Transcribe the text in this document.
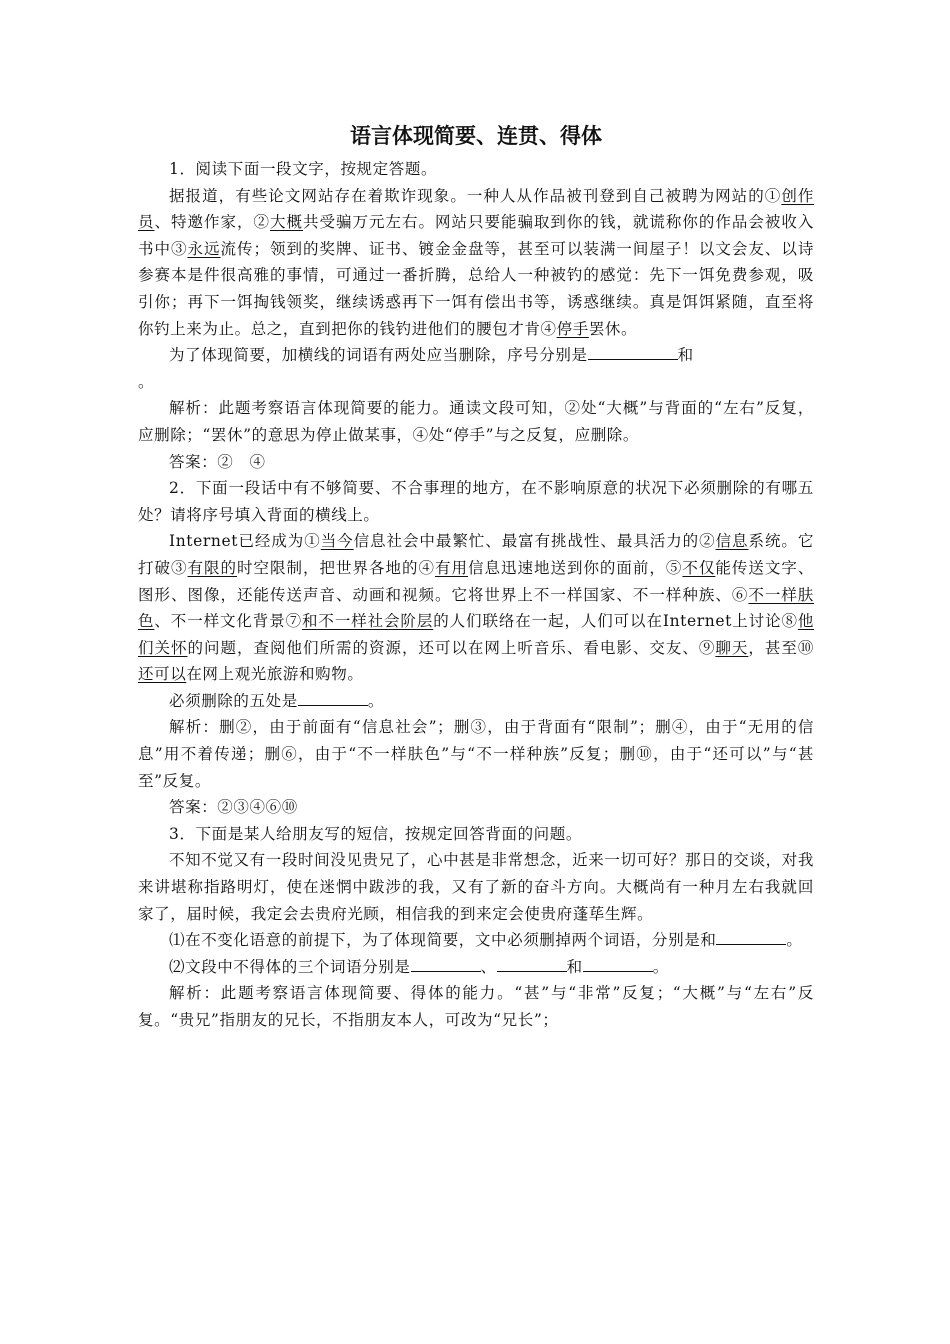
语言体现简要、连贯、得体

1．阅读下面一段文字，按规定答题。

据报道，有些论文网站存在着欺诈现象。一种人从作品被刊登到自己被聘为网站的①创作员、特邀作家，②大概共受骗万元左右。网站只要能骗取到你的钱，就谎称你的作品会被收入书中③永远流传；领到的奖牌、证书、镀金金盘等，甚至可以装满一间屋子！以文会友、以诗参赛本是件很高雅的事情，可通过一番折腾，总给人一种被钓的感觉：先下一饵免费参观，吸引你；再下一饵掏钱领奖，继续诱惑再下一饵有偿出书等，诱惑继续。真是饵饵紧随，直至将你钓上来为止。总之，直到把你的钱钓进他们的腰包才肯④停手罢休。

为了体现简要，加横线的词语有两处应当删除，序号分别是	和
。

解析：此题考察语言体现简要的能力。通读文段可知，②处“大概”与背面的“左右”反复，应删除；“罢休”的意思为停止做某事，④处“停手”与之反复，应删除。

答案：②　④

2．下面一段话中有不够简要、不合事理的地方，在不影响原意的状况下必须删除的有哪五处？请将序号填入背面的横线上。

Internet已经成为①当今信息社会中最繁忙、最富有挑战性、最具活力的②信息系统。它打破③有限的时空限制，把世界各地的④有用信息迅速地送到你的面前，⑤不仅能传送文字、图形、图像，还能传送声音、动画和视频。它将世界上不一样国家、不一样种族、⑥不一样肤色、不一样文化背景⑦和不一样社会阶层的人们联络在一起，人们可以在Internet上讨论⑧他们关怀的问题，查阅他们所需的资源，还可以在网上听音乐、看电影、交友、⑨聊天，甚至⑩还可以在网上观光旅游和购物。

必须删除的五处是	。

解析：删②，由于前面有“信息社会”；删③，由于背面有“限制”；删④，由于“无用的信息”用不着传递；删⑥，由于“不一样肤色”与“不一样种族”反复；删⑩，由于“还可以”与“甚至”反复。

答案：②③④⑥⑩

3．下面是某人给朋友写的短信，按规定回答背面的问题。

不知不觉又有一段时间没见贵兄了，心中甚是非常想念，近来一切可好？那日的交谈，对我来讲堪称指路明灯，使在迷惘中跋涉的我，又有了新的奋斗方向。大概尚有一种月左右我就回家了，届时候，我定会去贵府光顾，相信我的到来定会使贵府蓬荜生辉。

⑴在不变化语意的前提下，为了体现简要，文中必须删掉两个词语，分别是和	。

⑵文段中不得体的三个词语分别是	、	和	。

解析：此题考察语言体现简要、得体的能力。“甚”与“非常”反复；“大概”与“左右”反复。“贵兄”指朋友的兄长，不指朋友本人，可改为“兄长”；
